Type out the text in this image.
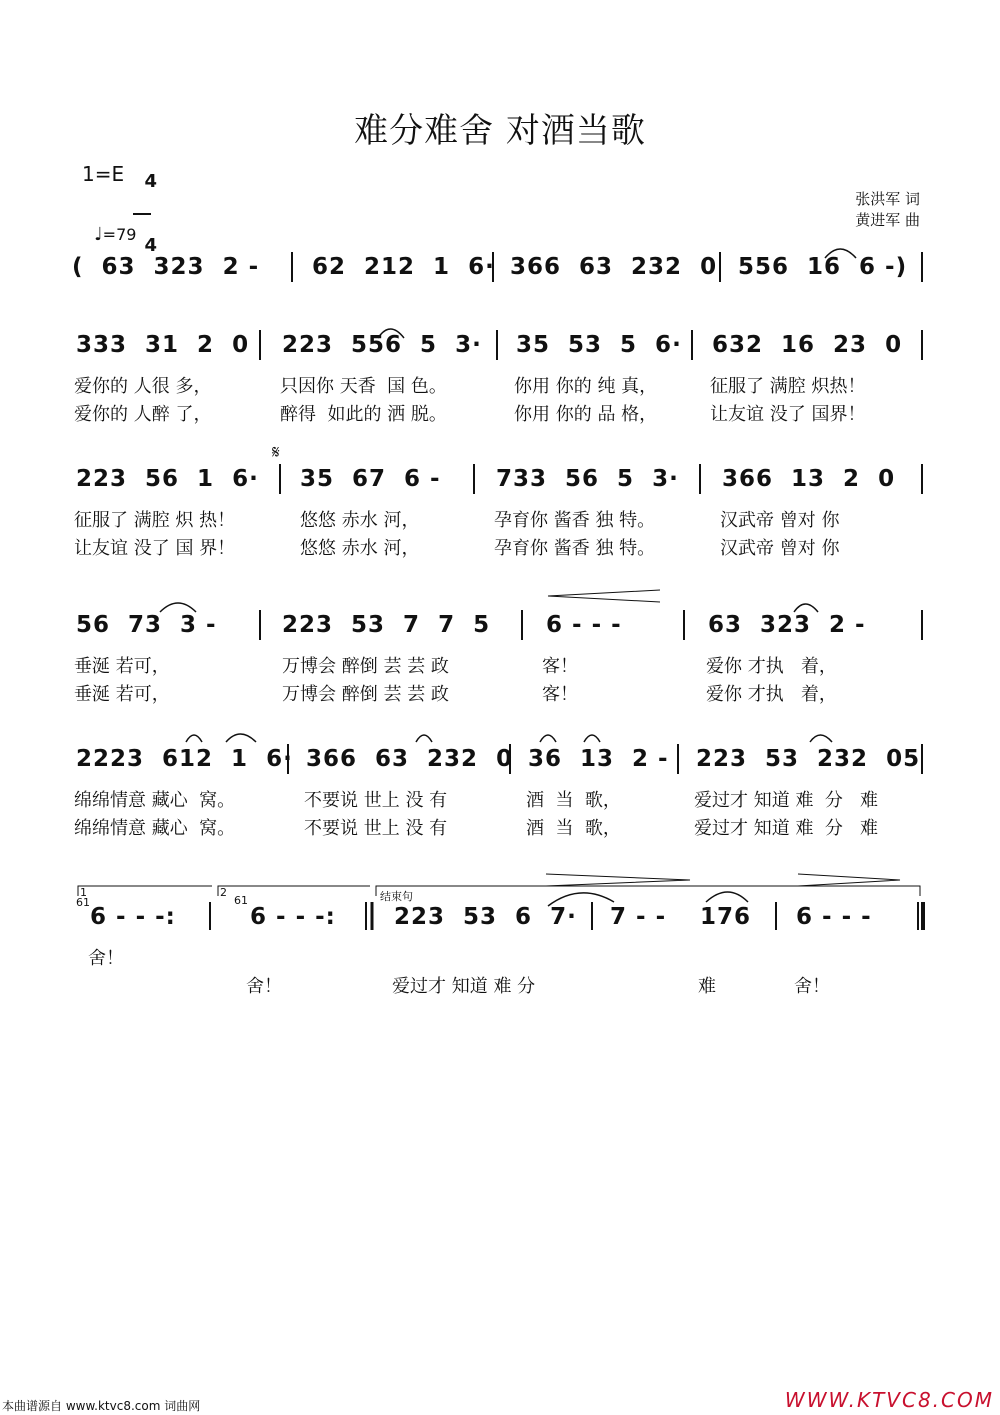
难分难舍 对酒当歌
1=E	4

4

♩=79

张洪军 词
黄进军 曲
(  63  323  2 - 62  212  1  6· 366  63  232  0 556  16  6 -)
333  31  2  0 223  556  5  3· 35  53  5  6· 632  16  23  0
爱你的 人很 多，	只因你 天香  国 色。	你用 你的 纯 真，	征服了 满腔 炽热！
爱你的 人醉 了，	醉得  如此的 洒 脱。	你用 你的 品 格，	让友谊 没了 国界！
𝄋
223  56  1  6· 35  67  6 - 733  56  5  3· 366  13  2  0
征服了 满腔 炽 热！	悠悠 赤水 河，	孕育你 酱香 独 特。	汉武帝 曾对 你
让友谊 没了 国 界！	悠悠 赤水 河，	孕育你 酱香 独 特。	汉武帝 曾对 你
56  73  3 -	223  53  7  7  5 6 - - -	63  323  2 -
垂涎 若可，	万博会 醉倒 芸 芸 政	客！	爱你 才执   着，
垂涎 若可，	万博会 醉倒 芸 芸 政	客！	爱你 才执   着，
2223  612  1  6· 366  63  232  0 36  13  2 - 223  53  232  05
绵绵情意 藏心  窝。	不要说 世上 没 有	酒  当  歌，	爱过才 知道 难  分   难
绵绵情意 藏心  窝。	不要说 世上 没 有	酒  当  歌，	爱过才 知道 难  分   难
1
61
2
61	结束句
6 - - -:	6 - - -:	223  53  6  7· 7 - - 176 6 - - -
舍！
舍！	爱过才 知道 难 分	难	舍！
本曲谱源自 www.ktvc8.com 词曲网	WWW.KTVC8.COM
